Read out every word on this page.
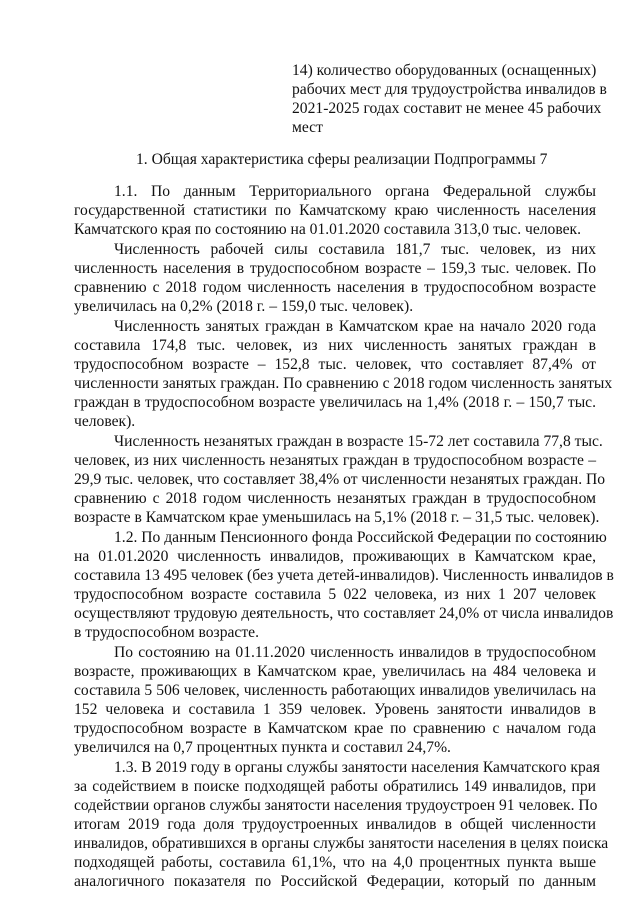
14) количество оборудованных (оснащенных)

рабочих мест для трудоустройства инвалидов в

2021-2025 годах составит не менее 45 рабочих

мест

1. Общая характеристика сферы реализации Подпрограммы 7

1.1. По данным Территориального органа Федеральной службы

государственной статистики по Камчатскому краю численность населения

Камчатского края по состоянию на 01.01.2020 составила 313,0 тыс. человек.

Численность рабочей силы составила 181,7 тыс. человек, из них

численность населения в трудоспособном возрасте – 159,3 тыс. человек. По

сравнению с 2018 годом численность населения в трудоспособном возрасте

увеличилась на 0,2% (2018 г. – 159,0 тыс. человек).

Численность занятых граждан в Камчатском крае на начало 2020 года

составила 174,8 тыс. человек, из них численность занятых граждан в

трудоспособном возрасте – 152,8 тыс. человек, что составляет 87,4% от

численности занятых граждан. По сравнению с 2018 годом численность занятых

граждан в трудоспособном возрасте увеличилась на 1,4% (2018 г. – 150,7 тыс.

человек).

Численность незанятых граждан в возрасте 15-72 лет составила 77,8 тыс.

человек, из них численность незанятых граждан в трудоспособном возрасте –

29,9 тыс. человек, что составляет 38,4% от численности незанятых граждан. По

сравнению с 2018 годом численность незанятых граждан в трудоспособном

возрасте в Камчатском крае уменьшилась на 5,1% (2018 г. – 31,5 тыс. человек).

1.2. По данным Пенсионного фонда Российской Федерации по состоянию

на 01.01.2020 численность инвалидов, проживающих в Камчатском крае,

составила 13 495 человек (без учета детей-инвалидов). Численность инвалидов в

трудоспособном возрасте составила 5 022 человека, из них 1 207 человек

осуществляют трудовую деятельность, что составляет 24,0% от числа инвалидов

в трудоспособном возрасте.

По состоянию на 01.11.2020 численность инвалидов в трудоспособном

возрасте, проживающих в Камчатском крае, увеличилась на 484 человека и

составила 5 506 человек, численность работающих инвалидов увеличилась на

152 человека и составила 1 359 человек. Уровень занятости инвалидов в

трудоспособном возрасте в Камчатском крае по сравнению с началом года

увеличился на 0,7 процентных пункта и составил 24,7%.

1.3. В 2019 году в органы службы занятости населения Камчатского края

за содействием в поиске подходящей работы обратились 149 инвалидов, при

содействии органов службы занятости населения трудоустроен 91 человек. По

итогам 2019 года доля трудоустроенных инвалидов в общей численности

инвалидов, обратившихся в органы службы занятости населения в целях поиска

подходящей работы, составила 61,1%, что на 4,0 процентных пункта выше

аналогичного показателя по Российской Федерации, который по данным
